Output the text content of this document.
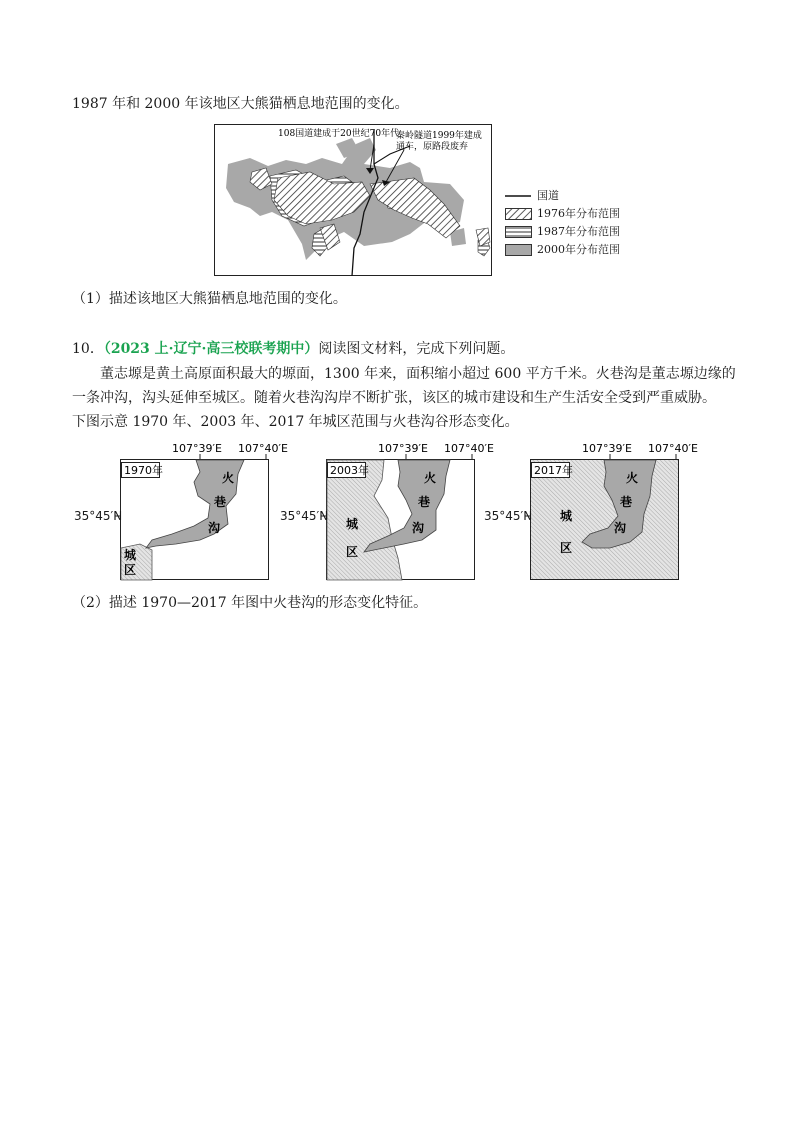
1987 年和 2000 年该地区大熊猫栖息地范围的变化。
108国道建成于20世纪70年代
秦岭隧道1999年建成
通车，原路段废弃
国道
1976年分布范围
1987年分布范围
2000年分布范围
（1）描述该地区大熊猫栖息地范围的变化。
10．（2023 上·辽宁·高三校联考期中）阅读图文材料，完成下列问题。
董志塬是黄土高原面积最大的塬面，1300 年来，面积缩小超过 600 平方千米。火巷沟是董志塬边缘的
一条冲沟，沟头延伸至城区。随着火巷沟沟岸不断扩张，该区的城市建设和生产生活安全受到严重威胁。
下图示意 1970 年、2003 年、2017 年城区范围与火巷沟谷形态变化。
107°39′E 107°40′E
1970年
火
巷
沟
城
区
35°45′N
107°39′E 107°40′E
2003年
火
巷
沟
城
区
35°45′N
107°39′E 107°40′E
2017年
火
巷
沟
城
区
35°45′N
（2）描述 1970—2017 年图中火巷沟的形态变化特征。
